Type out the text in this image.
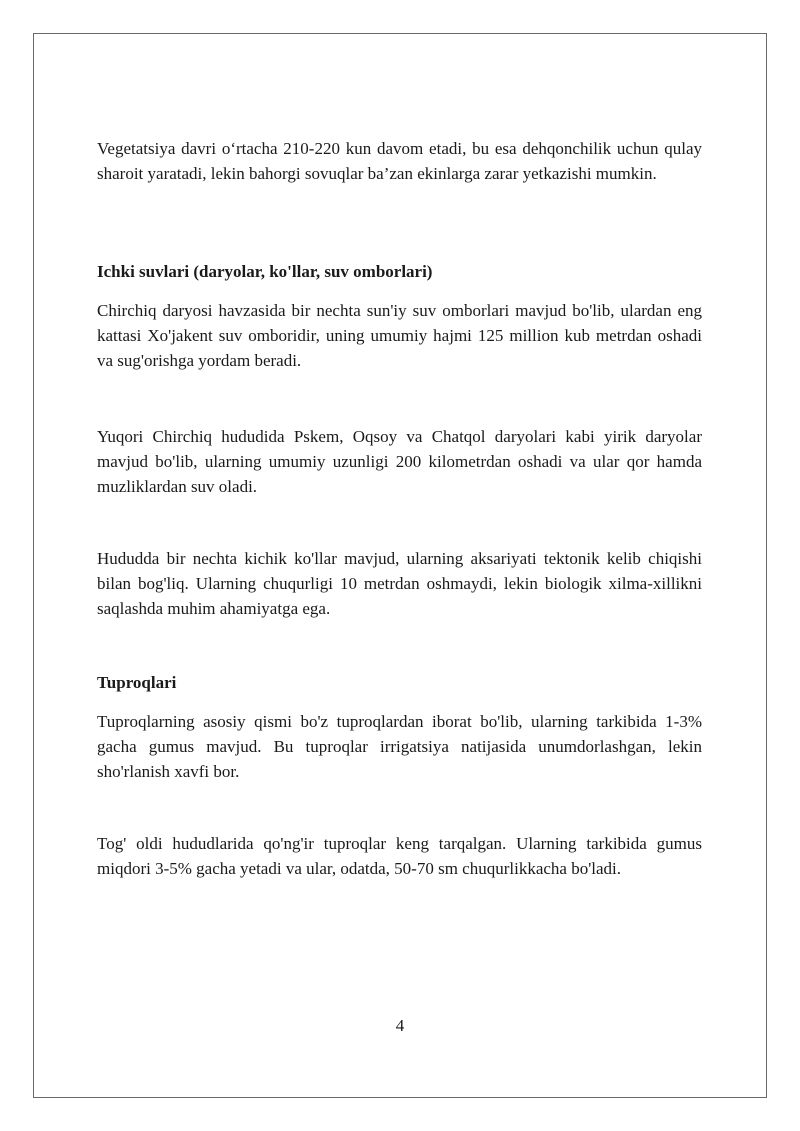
Vegetatsiya davri o‘rtacha 210-220 kun davom etadi, bu esa dehqonchilik uchun qulay sharoit yaratadi, lekin bahorgi sovuqlar ba’zan ekinlarga zarar yetkazishi mumkin.

Ichki suvlari (daryolar, ko'llar, suv omborlari)

Chirchiq daryosi havzasida bir nechta sun'iy suv omborlari mavjud bo'lib, ulardan eng kattasi Xo'jakent suv omboridir, uning umumiy hajmi 125 million kub metrdan oshadi va sug'orishga yordam beradi.

Yuqori Chirchiq hududida Pskem, Oqsoy va Chatqol daryolari kabi yirik daryolar mavjud bo'lib, ularning umumiy uzunligi 200 kilometrdan oshadi va ular qor hamda muzliklardan suv oladi.

Hududda bir nechta kichik ko'llar mavjud, ularning aksariyati tektonik kelib chiqishi bilan bog'liq. Ularning chuqurligi 10 metrdan oshmaydi, lekin biologik xilma-xillikni saqlashda muhim ahamiyatga ega.

Tuproqlari

Tuproqlarning asosiy qismi bo'z tuproqlardan iborat bo'lib, ularning tarkibida 1-3% gacha gumus mavjud. Bu tuproqlar irrigatsiya natijasida unumdorlashgan, lekin sho'rlanish xavfi bor.

Tog' oldi hududlarida qo'ng'ir tuproqlar keng tarqalgan. Ularning tarkibida gumus miqdori 3-5% gacha yetadi va ular, odatda, 50-70 sm chuqurlikkacha bo'ladi.

4
